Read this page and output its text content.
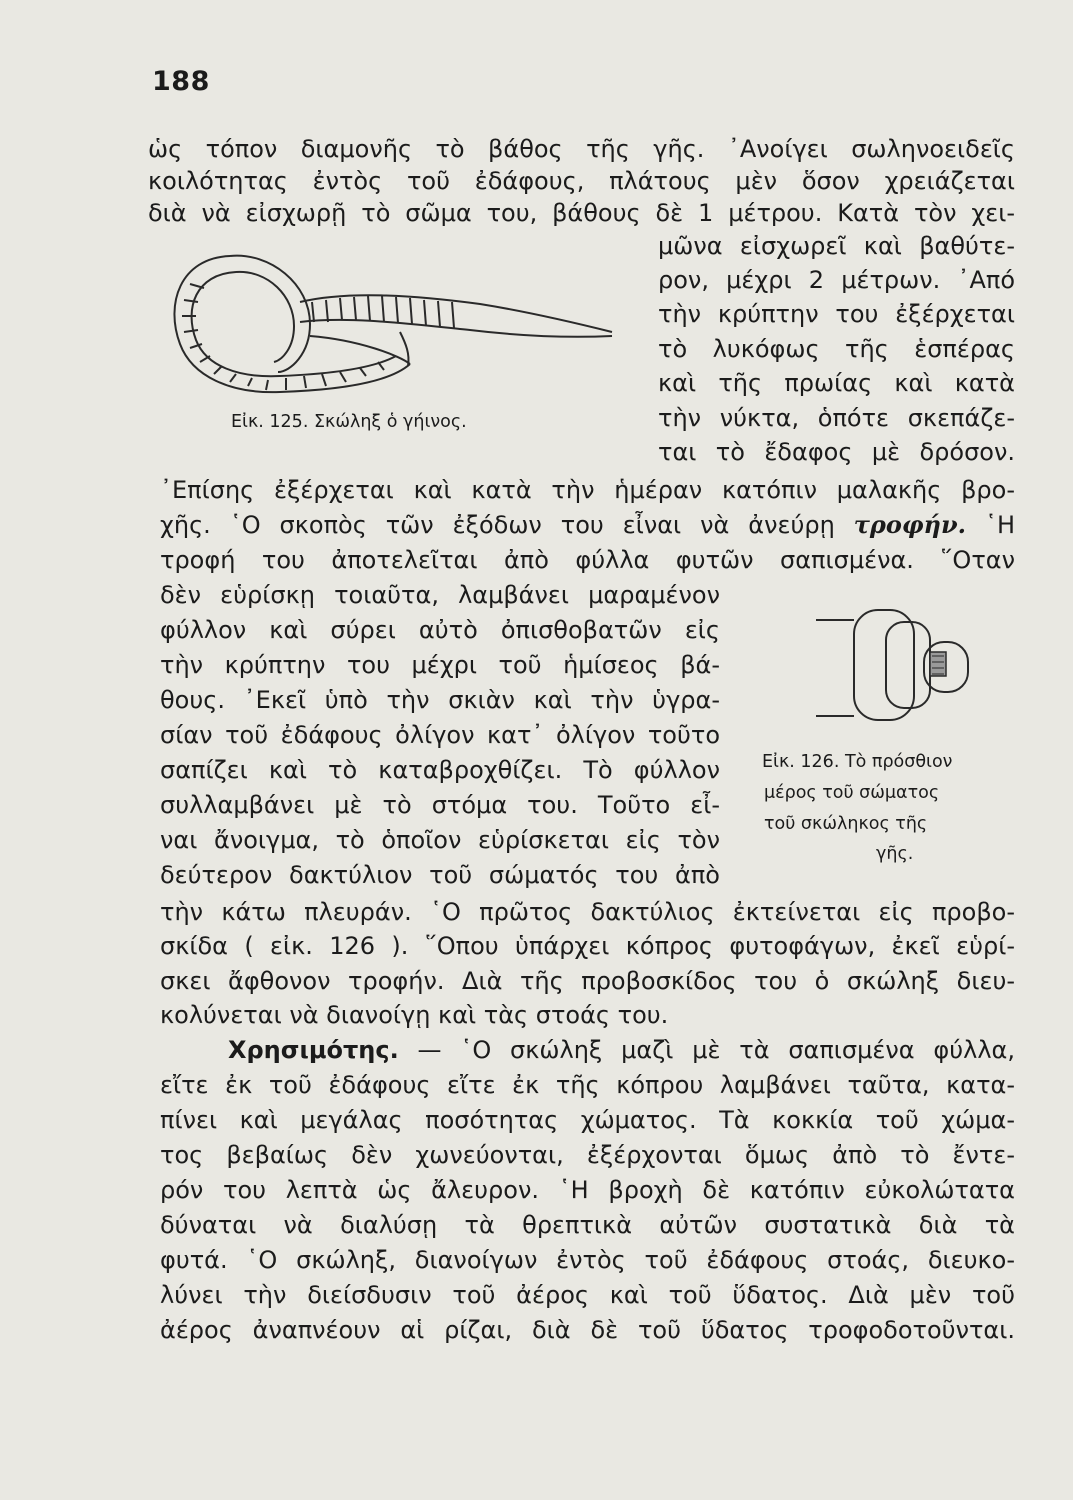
188
ὡς τόπον διαμονῆς τὸ βάθος τῆς γῆς. ᾿Ανοίγει σωληνοειδεῖς
κοιλότητας ἐντὸς τοῦ ἐδάφους, πλάτους μὲν ὅσον χρειάζεται
διὰ νὰ εἰσχωρῇ τὸ σῶμα του, βάθους δὲ 1 μέτρου. Κατὰ τὸν χει-
Εἰκ. 125. Σκώληξ ὁ γήινος.
μῶνα εἰσχωρεῖ καὶ βαθύτε-
ρον, μέχρι 2 μέτρων. ᾿Από
τὴν κρύπτην του ἐξέρχεται
τὸ λυκόφως τῆς ἑσπέρας
καὶ τῆς πρωίας καὶ κατὰ
τὴν νύκτα, ὁπότε σκεπάζε-
ται τὸ ἔδαφος μὲ δρόσον.
᾿Επίσης ἐξέρχεται καὶ κατὰ τὴν ἡμέραν κατόπιν μαλακῆς βρο-
χῆς. ῾Ο σκοπὸς τῶν ἐξόδων του εἶναι νὰ ἀνεύρῃ τροφήν. ῾Η
τροφή του ἀποτελεῖται ἀπὸ φύλλα φυτῶν σαπισμένα. ῞Οταν
δὲν εὑρίσκῃ τοιαῦτα, λαμβάνει μαραμένον
φύλλον καὶ σύρει αὐτὸ ὀπισθοβατῶν εἰς
τὴν κρύπτην του μέχρι τοῦ ἡμίσεος βά-
θους. ᾿Εκεῖ ὑπὸ τὴν σκιὰν καὶ τὴν ὑγρα-
σίαν τοῦ ἐδάφους ὀλίγον κατ᾿ ὀλίγον τοῦτο
σαπίζει καὶ τὸ καταβροχθίζει. Τὸ φύλλον
συλλαμβάνει μὲ τὸ στόμα του. Τοῦτο εἶ-
ναι ἄνοιγμα, τὸ ὁποῖον εὑρίσκεται εἰς τὸν
δεύτερον δακτύλιον τοῦ σώματός του ἀπὸ
Εἰκ. 126. Τὸ πρόσθιον
μέρος τοῦ σώματος
τοῦ σκώληκος τῆς
γῆς.
τὴν κάτω πλευράν. ῾Ο πρῶτος δακτύλιος ἐκτείνεται εἰς προβο-
σκίδα ( εἰκ. 126 ). ῞Οπου ὑπάρχει κόπρος φυτοφάγων, ἐκεῖ εὑρί-
σκει ἄφθονον τροφήν. Διὰ τῆς προβοσκίδος του ὁ σκώληξ διευ-
κολύνεται νὰ διανοίγῃ καὶ τὰς στοάς του.
Χρησιμότης. — ῾Ο σκώληξ μαζὶ μὲ τὰ σαπισμένα φύλλα,
εἴτε ἐκ τοῦ ἐδάφους εἴτε ἐκ τῆς κόπρου λαμβάνει ταῦτα, κατα-
πίνει καὶ μεγάλας ποσότητας χώματος. Τὰ κοκκία τοῦ χώμα-
τος βεβαίως δὲν χωνεύονται, ἐξέρχονται ὅμως ἀπὸ τὸ ἔντε-
ρόν του λεπτὰ ὡς ἄλευρον. ῾Η βροχὴ δὲ κατόπιν εὐκολώτατα
δύναται νὰ διαλύσῃ τὰ θρεπτικὰ αὐτῶν συστατικὰ διὰ τὰ
φυτά. ῾Ο σκώληξ, διανοίγων ἐντὸς τοῦ ἐδάφους στοάς, διευκο-
λύνει τὴν διείσδυσιν τοῦ ἀέρος καὶ τοῦ ὕδατος. Διὰ μὲν τοῦ
ἀέρος ἀναπνέουν αἱ ρίζαι, διὰ δὲ τοῦ ὕδατος τροφοδοτοῦνται.
